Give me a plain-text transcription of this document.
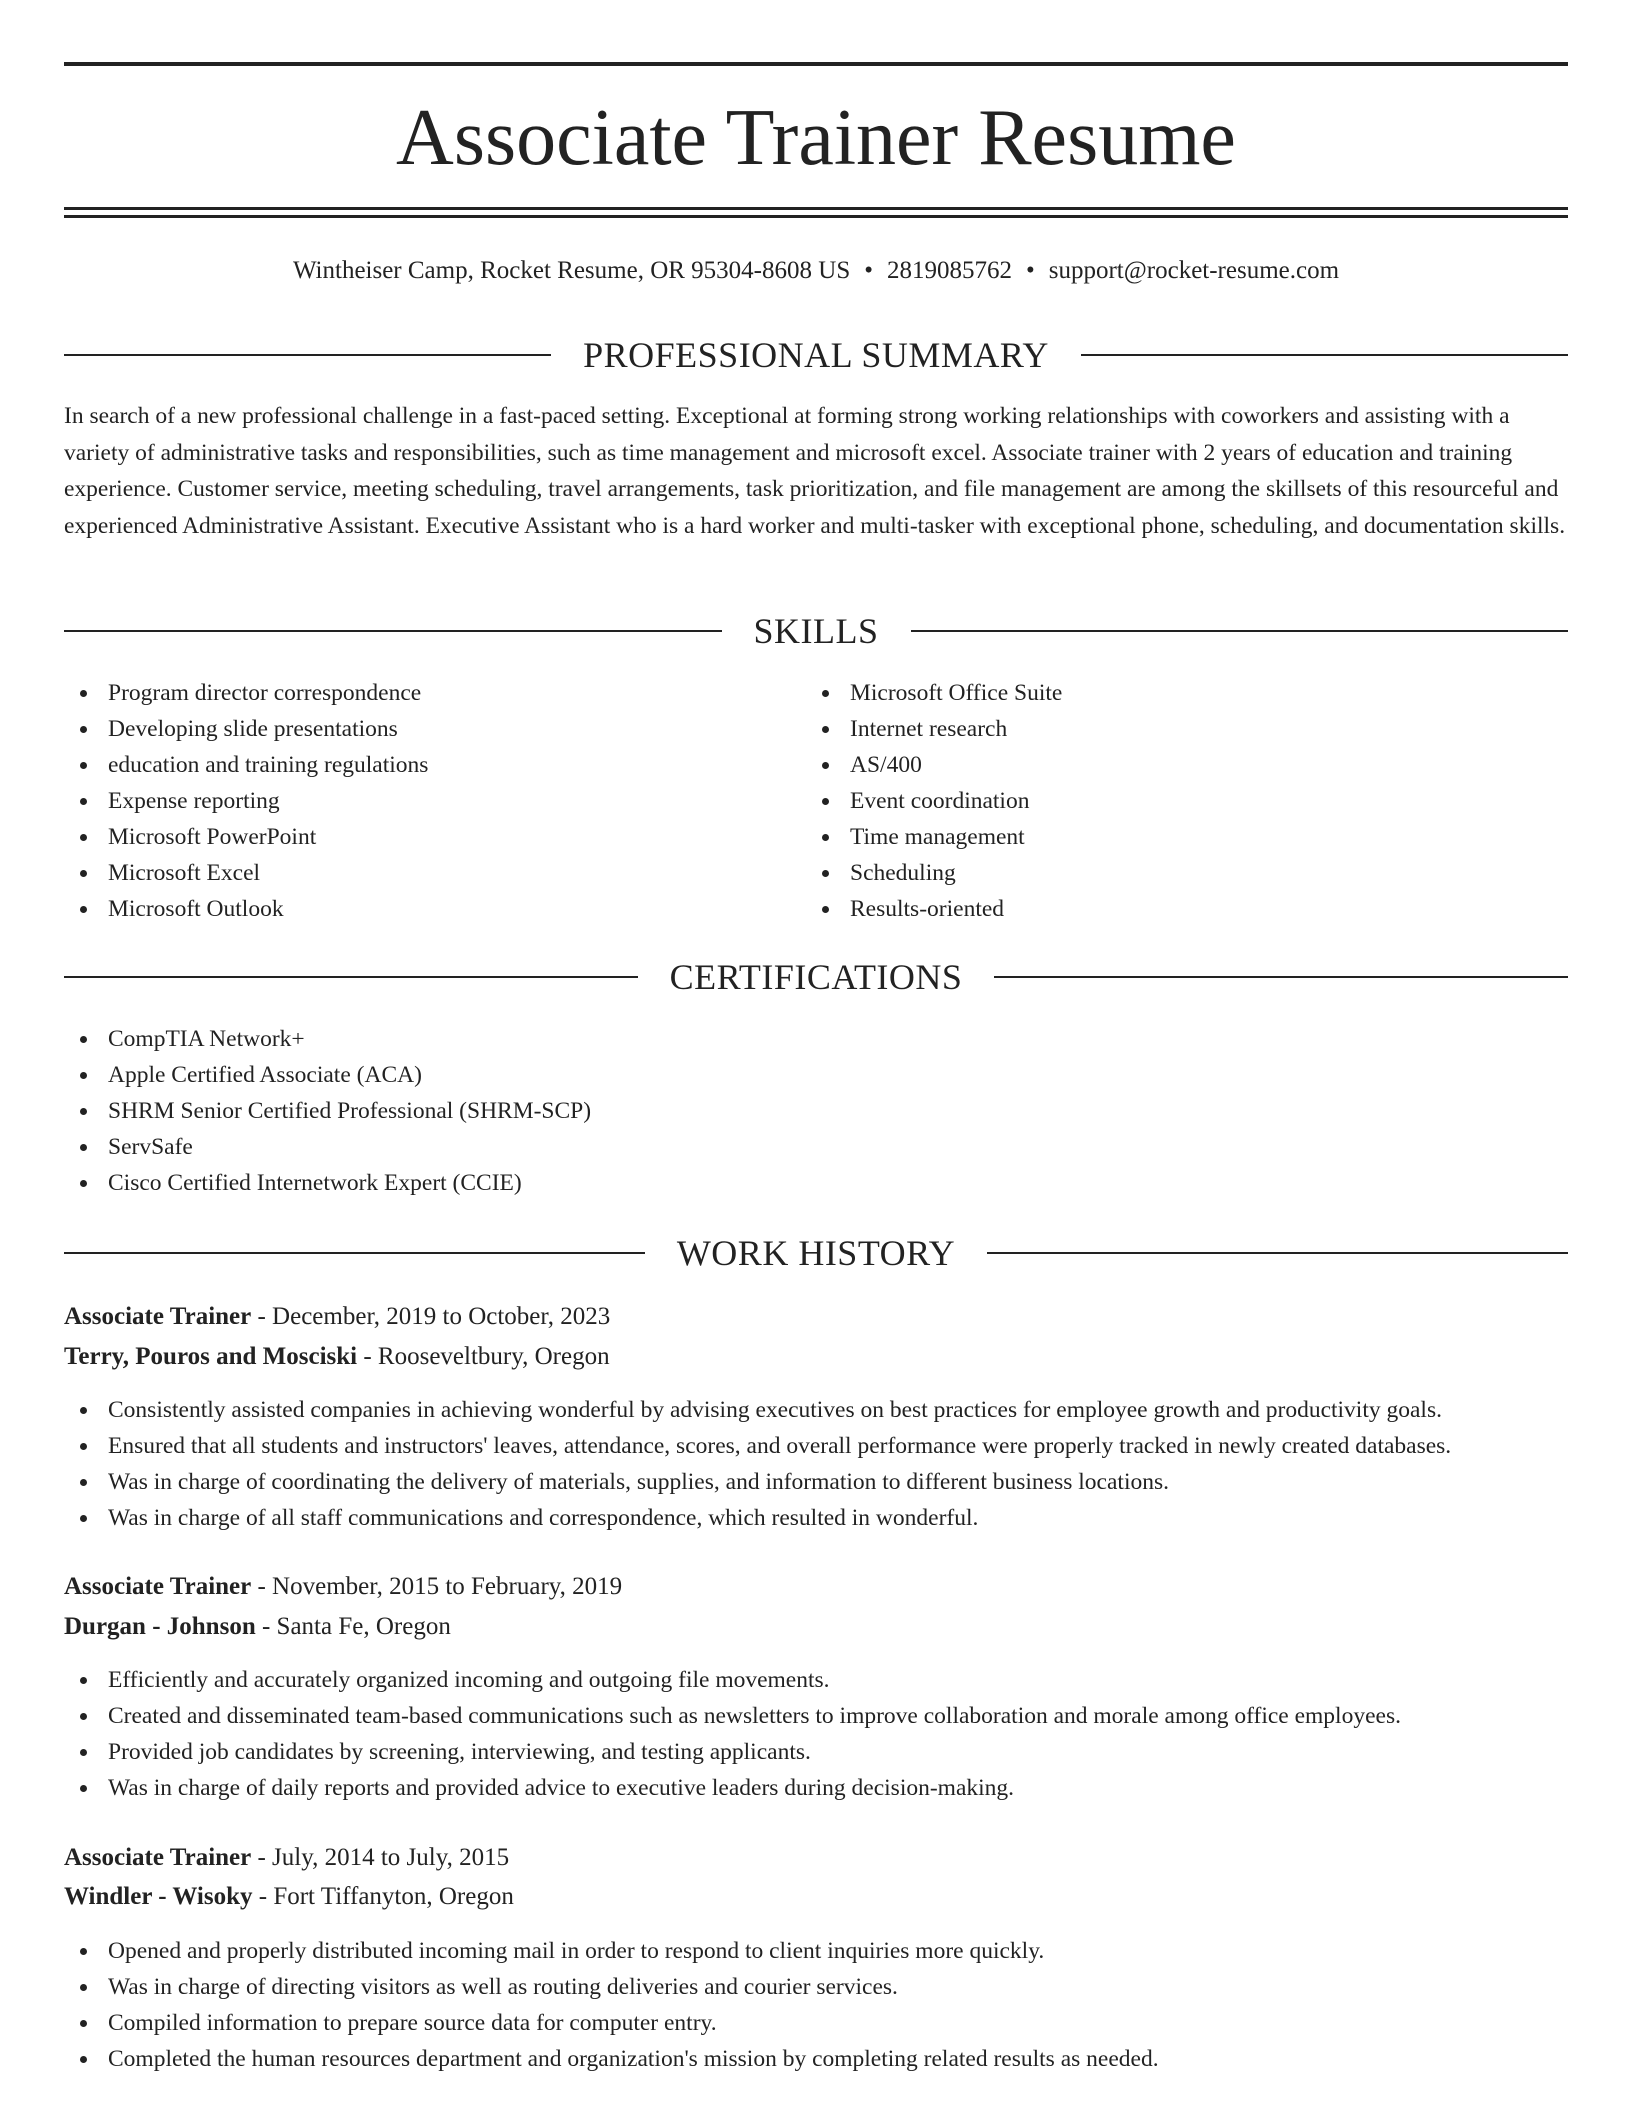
Associate Trainer Resume
Wintheiser Camp, Rocket Resume, OR 95304-8608 US • 2819085762 • support@rocket-resume.com
PROFESSIONAL SUMMARY

In search of a new professional challenge in a fast-paced setting. Exceptional at forming strong working relationships with coworkers and assisting with a variety of administrative tasks and responsibilities, such as time management and microsoft excel. Associate trainer with 2 years of education and training experience. Customer service, meeting scheduling, travel arrangements, task prioritization, and file management are among the skillsets of this resourceful and experienced Administrative Assistant. Executive Assistant who is a hard worker and multi-tasker with exceptional phone, scheduling, and documentation skills.

SKILLS
Program director correspondence
Developing slide presentations
education and training regulations
Expense reporting
Microsoft PowerPoint
Microsoft Excel
Microsoft Outlook
Microsoft Office Suite
Internet research
AS/400
Event coordination
Time management
Scheduling
Results-oriented
CERTIFICATIONS
CompTIA Network+
Apple Certified Associate (ACA)
SHRM Senior Certified Professional (SHRM-SCP)
ServSafe
Cisco Certified Internetwork Expert (CCIE)
WORK HISTORY
Associate Trainer - December, 2019 to October, 2023
Terry, Pouros and Mosciski - Rooseveltbury, Oregon
Consistently assisted companies in achieving wonderful by advising executives on best practices for employee growth and productivity goals.
Ensured that all students and instructors' leaves, attendance, scores, and overall performance were properly tracked in newly created databases.
Was in charge of coordinating the delivery of materials, supplies, and information to different business locations.
Was in charge of all staff communications and correspondence, which resulted in wonderful.
Associate Trainer - November, 2015 to February, 2019
Durgan - Johnson - Santa Fe, Oregon
Efficiently and accurately organized incoming and outgoing file movements.
Created and disseminated team-based communications such as newsletters to improve collaboration and morale among office employees.
Provided job candidates by screening, interviewing, and testing applicants.
Was in charge of daily reports and provided advice to executive leaders during decision-making.
Associate Trainer - July, 2014 to July, 2015
Windler - Wisoky - Fort Tiffanyton, Oregon
Opened and properly distributed incoming mail in order to respond to client inquiries more quickly.
Was in charge of directing visitors as well as routing deliveries and courier services.
Compiled information to prepare source data for computer entry.
Completed the human resources department and organization's mission by completing related results as needed.
